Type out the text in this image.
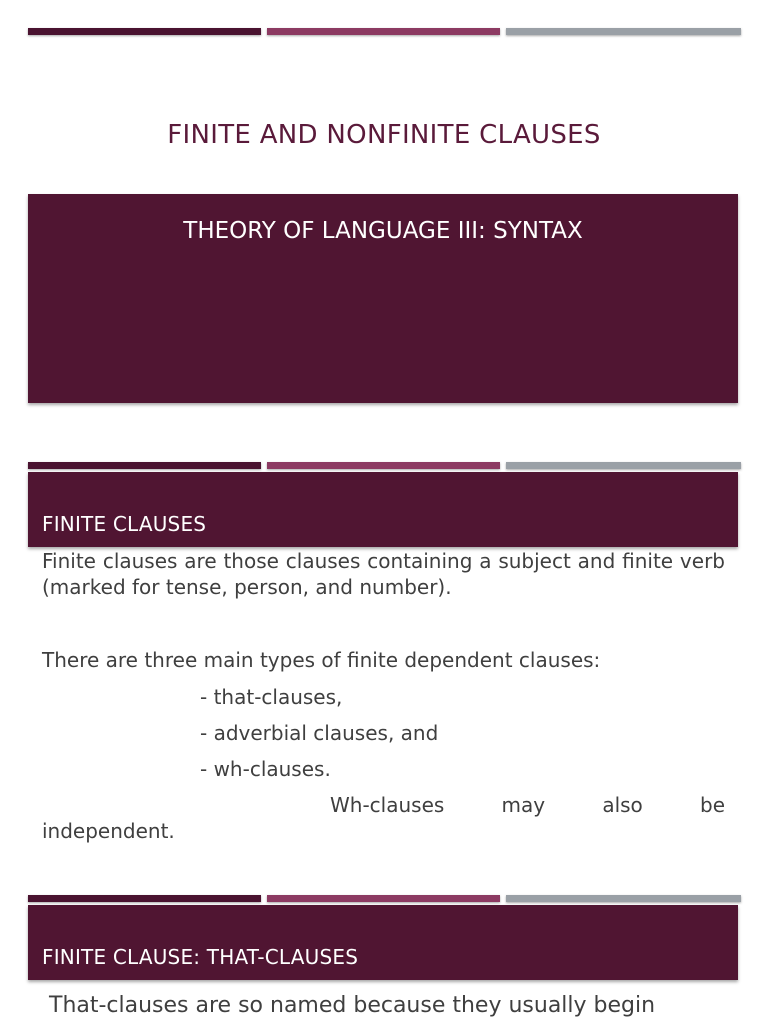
FINITE AND NONFINITE CLAUSES
THEORY OF LANGUAGE III: SYNTAX
FINITE CLAUSES
Finite clauses are those clauses containing a subject and finite verb (marked for tense, person, and number).
There are three main types of finite dependent clauses:

- that-clauses,

- adverbial clauses, and

- wh-clauses.

Wh-clauses	may	also	be
independent.
FINITE CLAUSE: THAT-CLAUSES
That-clauses are so named because they usually begin
